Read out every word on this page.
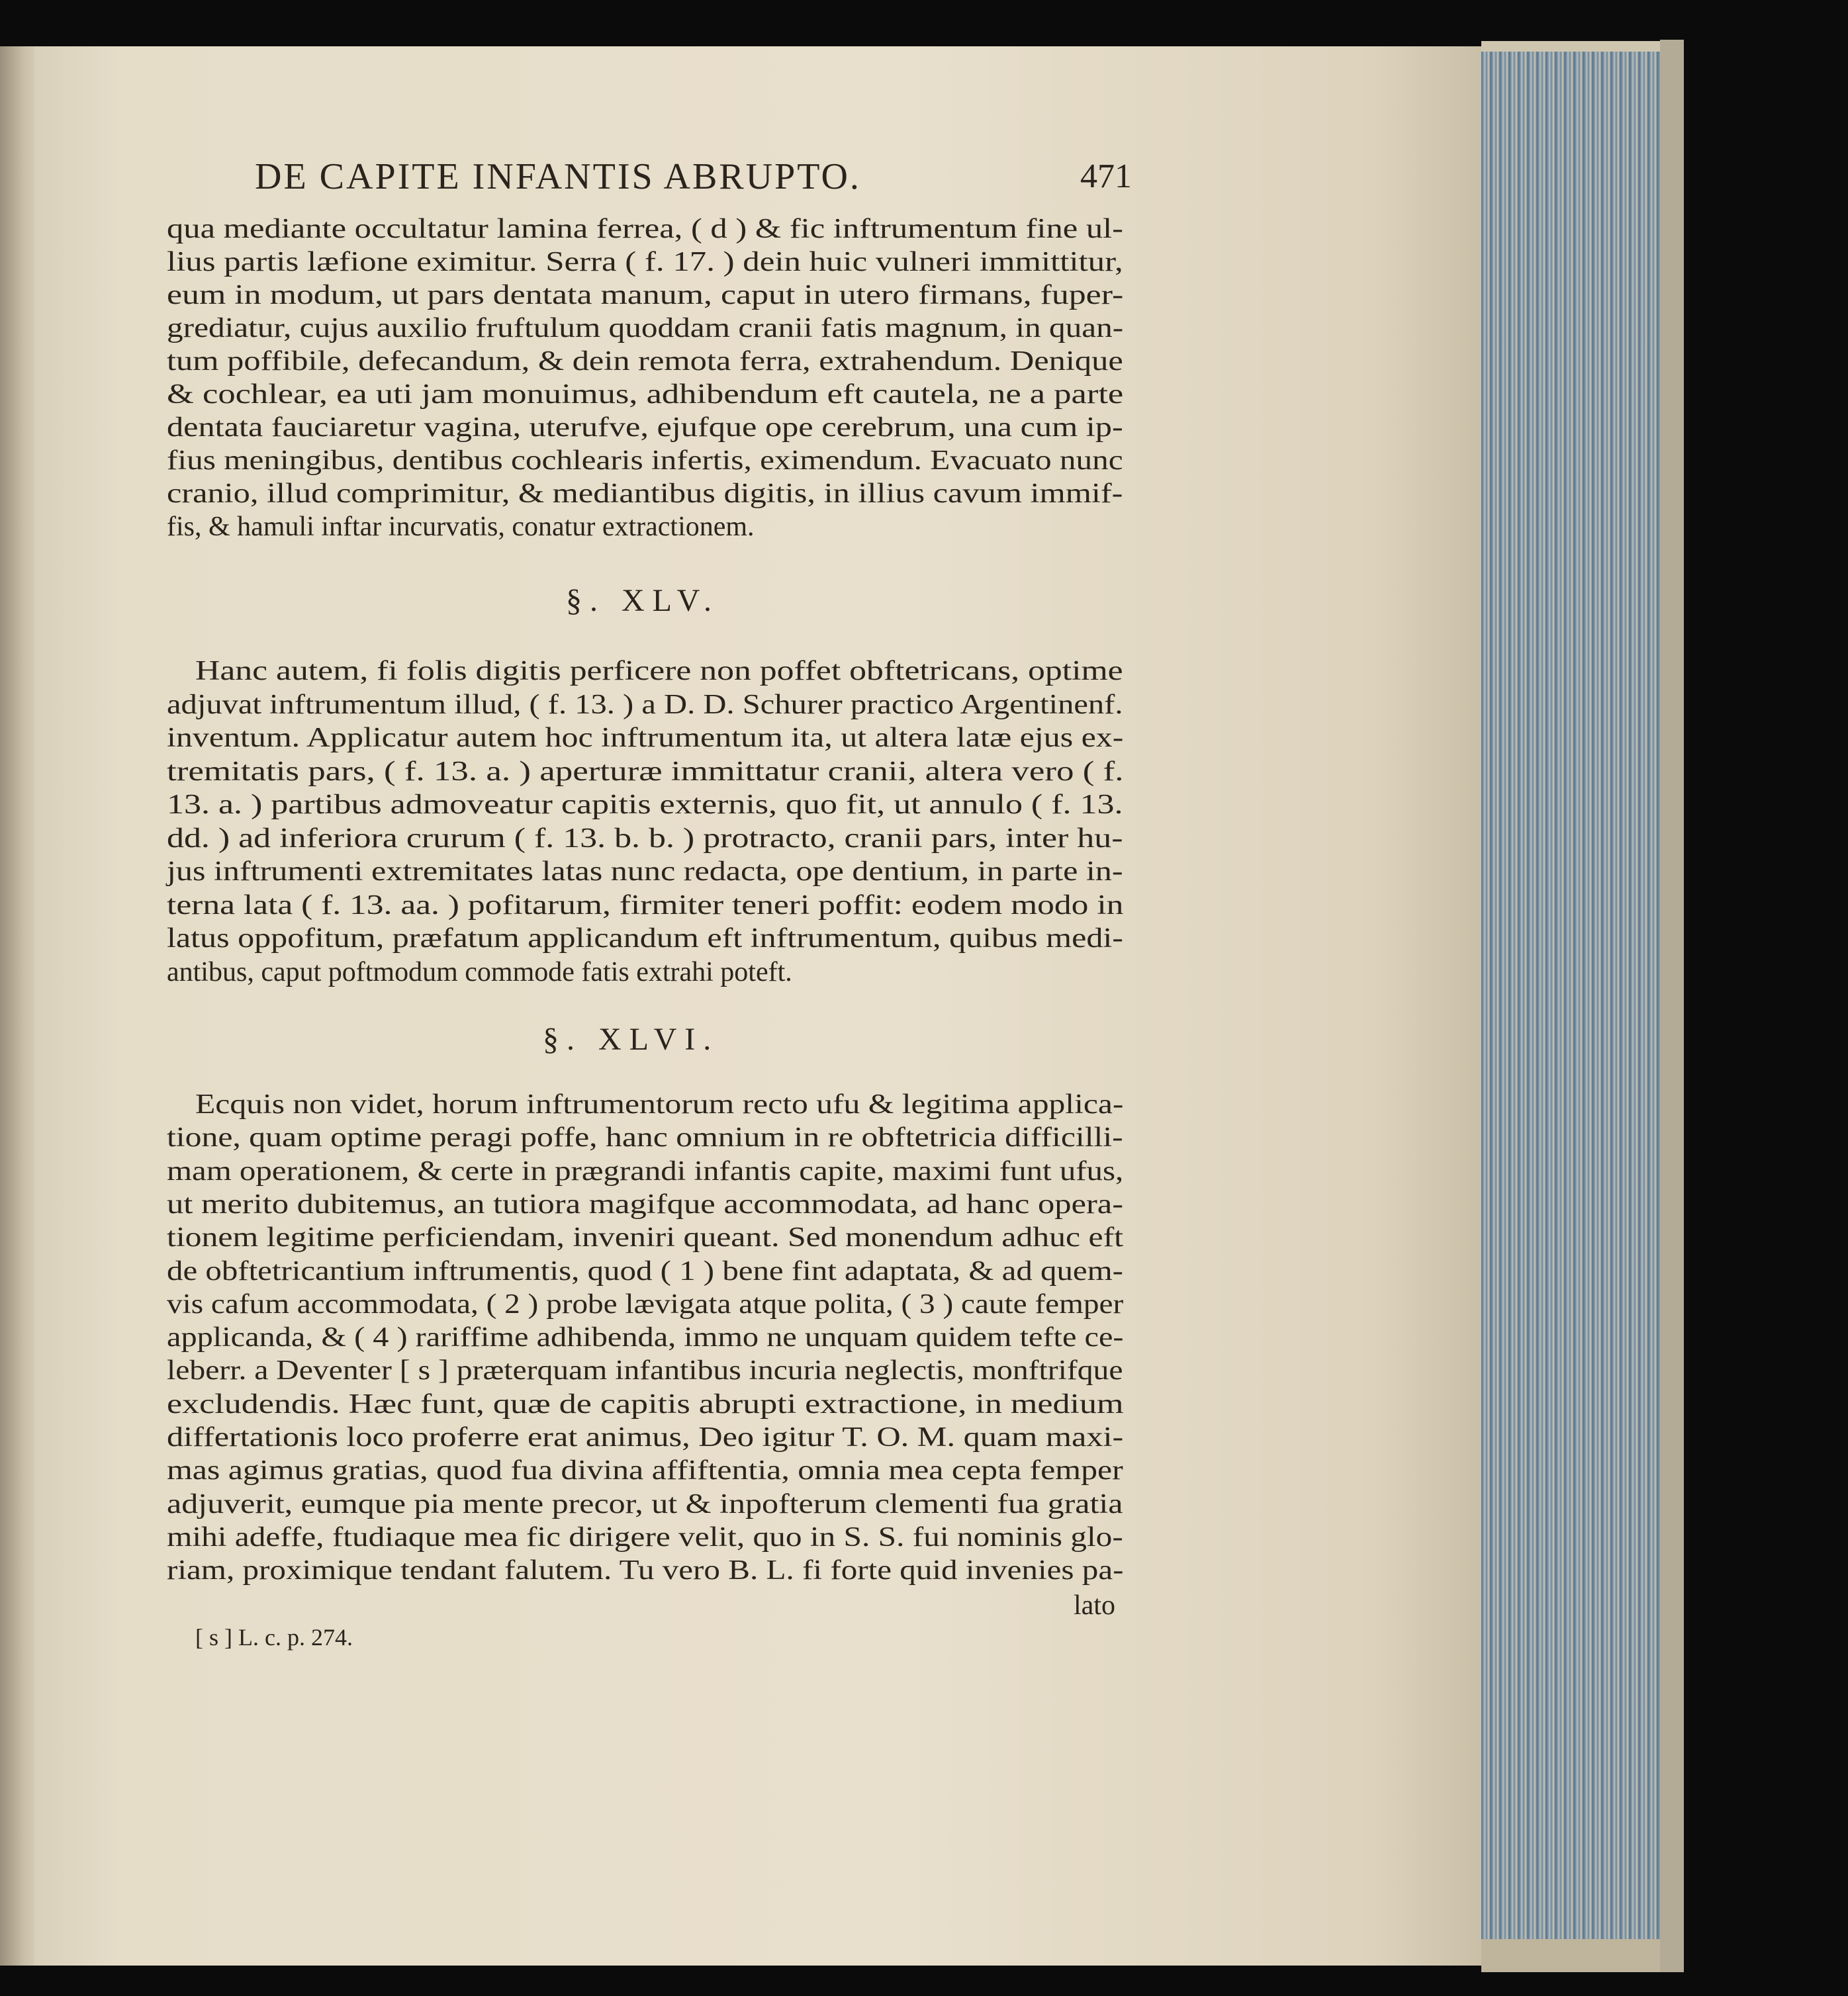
DE CAPITE INFANTIS ABRUPTO.	471
qua mediante occultatur lamina ferrea, ( d ) & fic inftrumentum fine ul-
lius partis læfione eximitur. Serra ( f. 17. ) dein huic vulneri immittitur,
eum in modum, ut pars dentata manum, caput in utero firmans, fuper-
grediatur, cujus auxilio fruftulum quoddam cranii fatis magnum, in quan-
tum poffibile, defecandum, & dein remota ferra, extrahendum. Denique
& cochlear, ea uti jam monuimus, adhibendum eft cautela, ne a parte
dentata fauciaretur vagina, uterufve, ejufque ope cerebrum, una cum ip-
fius meningibus, dentibus cochlearis infertis, eximendum. Evacuato nunc
cranio, illud comprimitur, & mediantibus digitis, in illius cavum immif-
fis, & hamuli inftar incurvatis, conatur extractionem.
§. XLV.
Hanc autem, fi folis digitis perficere non poffet obftetricans, optime
adjuvat inftrumentum illud, ( f. 13. ) a D. D. Schurer practico Argentinenf.
inventum. Applicatur autem hoc inftrumentum ita, ut altera latæ ejus ex-
tremitatis pars, ( f. 13. a. ) aperturæ immittatur cranii, altera vero ( f.
13. a. ) partibus admoveatur capitis externis, quo fit, ut annulo ( f. 13.
dd. ) ad inferiora crurum ( f. 13. b. b. ) protracto, cranii pars, inter hu-
jus inftrumenti extremitates latas nunc redacta, ope dentium, in parte in-
terna lata ( f. 13. aa. ) pofitarum, firmiter teneri poffit: eodem modo in
latus oppofitum, præfatum applicandum eft inftrumentum, quibus medi-
antibus, caput poftmodum commode fatis extrahi poteft.
§. XLVI.
Ecquis non videt, horum inftrumentorum recto ufu & legitima applica-
tione, quam optime peragi poffe, hanc omnium in re obftetricia difficilli-
mam operationem, & certe in prægrandi infantis capite, maximi funt ufus,
ut merito dubitemus, an tutiora magifque accommodata, ad hanc opera-
tionem legitime perficiendam, inveniri queant. Sed monendum adhuc eft
de obftetricantium inftrumentis, quod ( 1 ) bene fint adaptata, & ad quem-
vis cafum accommodata, ( 2 ) probe lævigata atque polita, ( 3 ) caute femper
applicanda, & ( 4 ) rariffime adhibenda, immo ne unquam quidem tefte ce-
leberr. a Deventer [ s ] præterquam infantibus incuria neglectis, monftrifque
excludendis. Hæc funt, quæ de capitis abrupti extractione, in medium
differtationis loco proferre erat animus, Deo igitur T. O. M. quam maxi-
mas agimus gratias, quod fua divina affiftentia, omnia mea cepta femper
adjuverit, eumque pia mente precor, ut & inpofterum clementi fua gratia
mihi adeffe, ftudiaque mea fic dirigere velit, quo in S. S. fui nominis glo-
riam, proximique tendant falutem. Tu vero B. L. fi forte quid invenies pa-
lato
[ s ] L. c. p. 274.
